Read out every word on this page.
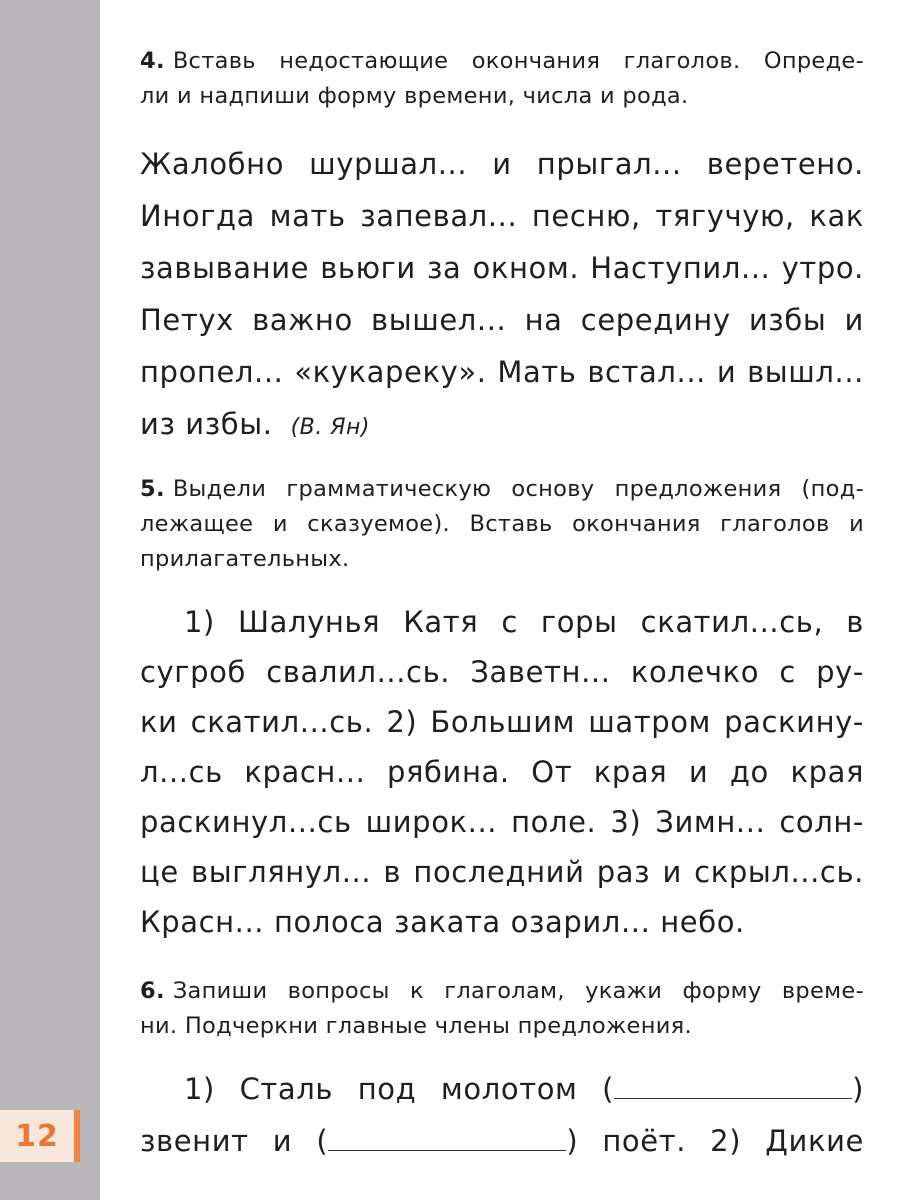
12
4. Вставь недостающие окончания глаголов. Опреде-
ли и надпиши форму времени, числа и рода.
Жалобно шуршал... и прыгал... веретено.
Иногда мать запевал... песню, тягучую, как
завывание вьюги за окном. Наступил... утро.
Петух важно вышел... на середину избы и
пропел... «кукареку». Мать встал... и вышл...
из избы. (В. Ян)
5. Выдели грамматическую основу предложения (под-
лежащее и сказуемое). Вставь окончания глаголов и
прилагательных.
1) Шалунья Катя с горы скатил...сь, в
сугроб свалил...сь. Заветн... колечко с ру-
ки скатил...сь. 2) Большим шатром раскину-
л...сь красн... рябина. От края и до края
раскинул...сь широк... поле. 3) Зимн... солн-
це выглянул... в последний раз и скрыл...сь.
Красн... полоса заката озарил... небо.
6. Запиши вопросы к глаголам, укажи форму време-
ни. Подчеркни главные члены предложения.
1) Сталь под молотом (	)
звенит и (	) поёт. 2) Дикие
